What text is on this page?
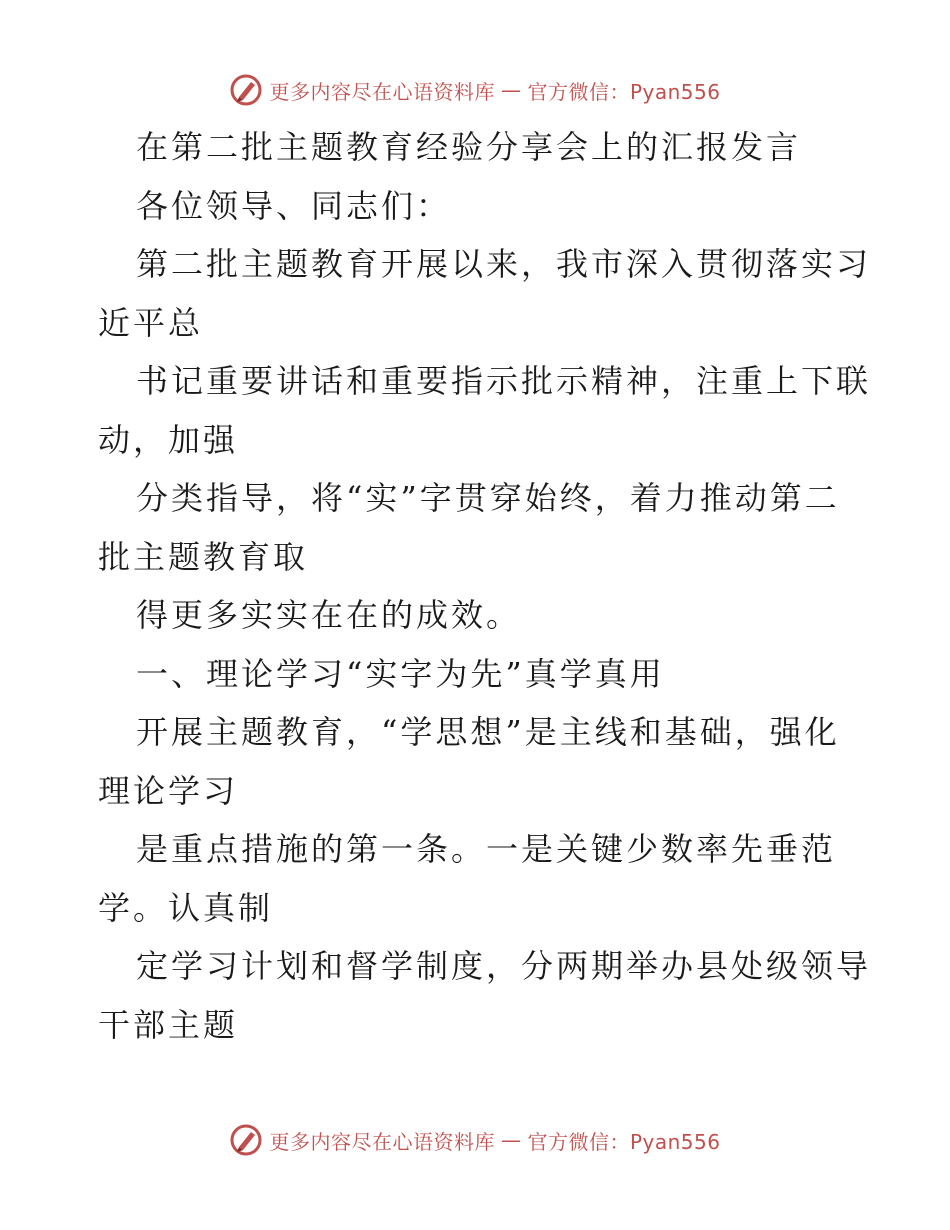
更多内容尽在心语资料库 — 官方微信：Pyan556
在第二批主题教育经验分享会上的汇报发言
各位领导、同志们：
第二批主题教育开展以来，我市深入贯彻落实习
近平总
书记重要讲话和重要指示批示精神，注重上下联
动，加强
分类指导，将“实”字贯穿始终，着力推动第二
批主题教育取
得更多实实在在的成效。
一、理论学习“实字为先”真学真用
开展主题教育，“学思想”是主线和基础，强化
理论学习
是重点措施的第一条。一是关键少数率先垂范
学。认真制
定学习计划和督学制度，分两期举办县处级领导
干部主题
更多内容尽在心语资料库 — 官方微信：Pyan556
